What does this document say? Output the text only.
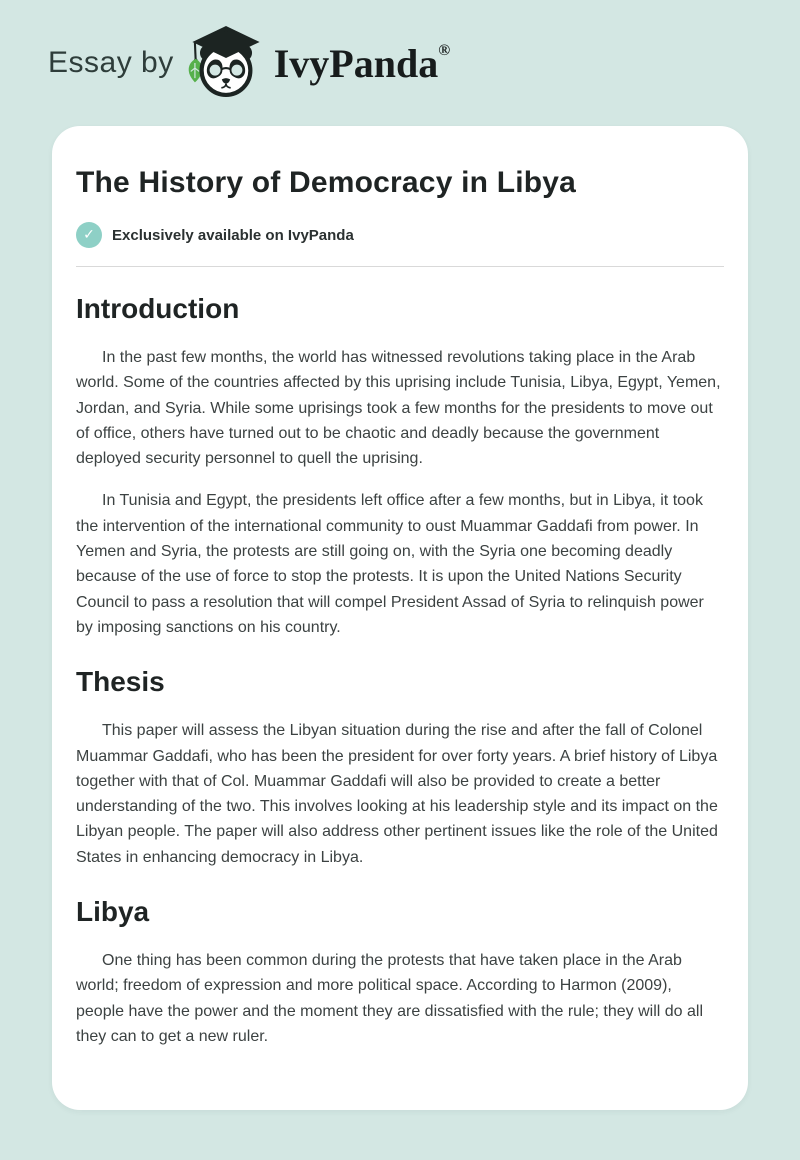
Essay by	IvyPanda®
The History of Democracy in Libya
✓	Exclusively available on IvyPanda
Introduction

In the past few months, the world has witnessed revolutions taking place in the Arab world. Some of the countries affected by this uprising include Tunisia, Libya, Egypt, Yemen, Jordan, and Syria. While some uprisings took a few months for the presidents to move out of office, others have turned out to be chaotic and deadly because the government deployed security personnel to quell the uprising.

In Tunisia and Egypt, the presidents left office after a few months, but in Libya, it took the intervention of the international community to oust Muammar Gaddafi from power. In Yemen and Syria, the protests are still going on, with the Syria one becoming deadly because of the use of force to stop the protests. It is upon the United Nations Security Council to pass a resolution that will compel President Assad of Syria to relinquish power by imposing sanctions on his country.

Thesis

This paper will assess the Libyan situation during the rise and after the fall of Colonel Muammar Gaddafi, who has been the president for over forty years. A brief history of Libya together with that of Col. Muammar Gaddafi will also be provided to create a better understanding of the two. This involves looking at his leadership style and its impact on the Libyan people. The paper will also address other pertinent issues like the role of the United States in enhancing democracy in Libya.

Libya

One thing has been common during the protests that have taken place in the Arab world; freedom of expression and more political space. According to Harmon (2009), people have the power and the moment they are dissatisfied with the rule; they will do all they can to get a new ruler.
